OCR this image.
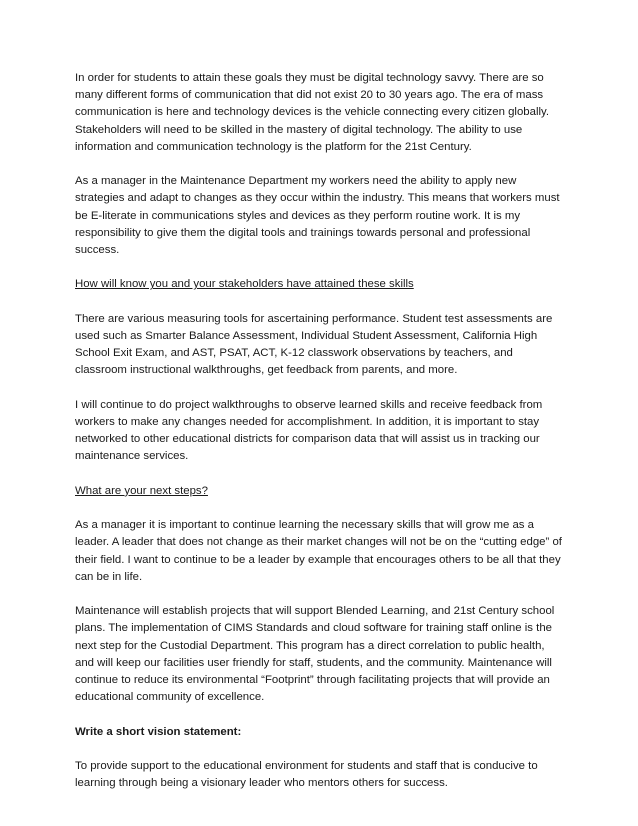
In order for students to attain these goals they must be digital technology savvy. There are so many different forms of communication that did not exist 20 to 30 years ago. The era of mass communication is here and technology devices is the vehicle connecting every citizen globally. Stakeholders will need to be skilled in the mastery of digital technology. The ability to use information and communication technology is the platform for the 21st Century.

As a manager in the Maintenance Department my workers need the ability to apply new strategies and adapt to changes as they occur within the industry. This means that workers must be E-literate in communications styles and devices as they perform routine work. It is my responsibility to give them the digital tools and trainings towards personal and professional success.

How will know you and your stakeholders have attained these skills

There are various measuring tools for ascertaining performance. Student test assessments are used such as Smarter Balance Assessment, Individual Student Assessment, California High School Exit Exam, and AST, PSAT, ACT, K-12 classwork observations by teachers, and classroom instructional walkthroughs, get feedback from parents, and more.

I will continue to do project walkthroughs to observe learned skills and receive feedback from workers to make any changes needed for accomplishment. In addition, it is important to stay networked to other educational districts for comparison data that will assist us in tracking our maintenance services.

What are your next steps?

As a manager it is important to continue learning the necessary skills that will grow me as a leader. A leader that does not change as their market changes will not be on the “cutting edge” of their field. I want to continue to be a leader by example that encourages others to be all that they can be in life.

Maintenance will establish projects that will support Blended Learning, and 21st Century school plans. The implementation of CIMS Standards and cloud software for training staff online is the next step for the Custodial Department. This program has a direct correlation to public health, and will keep our facilities user friendly for staff, students, and the community. Maintenance will continue to reduce its environmental “Footprint” through facilitating projects that will provide an educational community of excellence.

Write a short vision statement:

To provide support to the educational environment for students and staff that is conducive to learning through being a visionary leader who mentors others for success.
